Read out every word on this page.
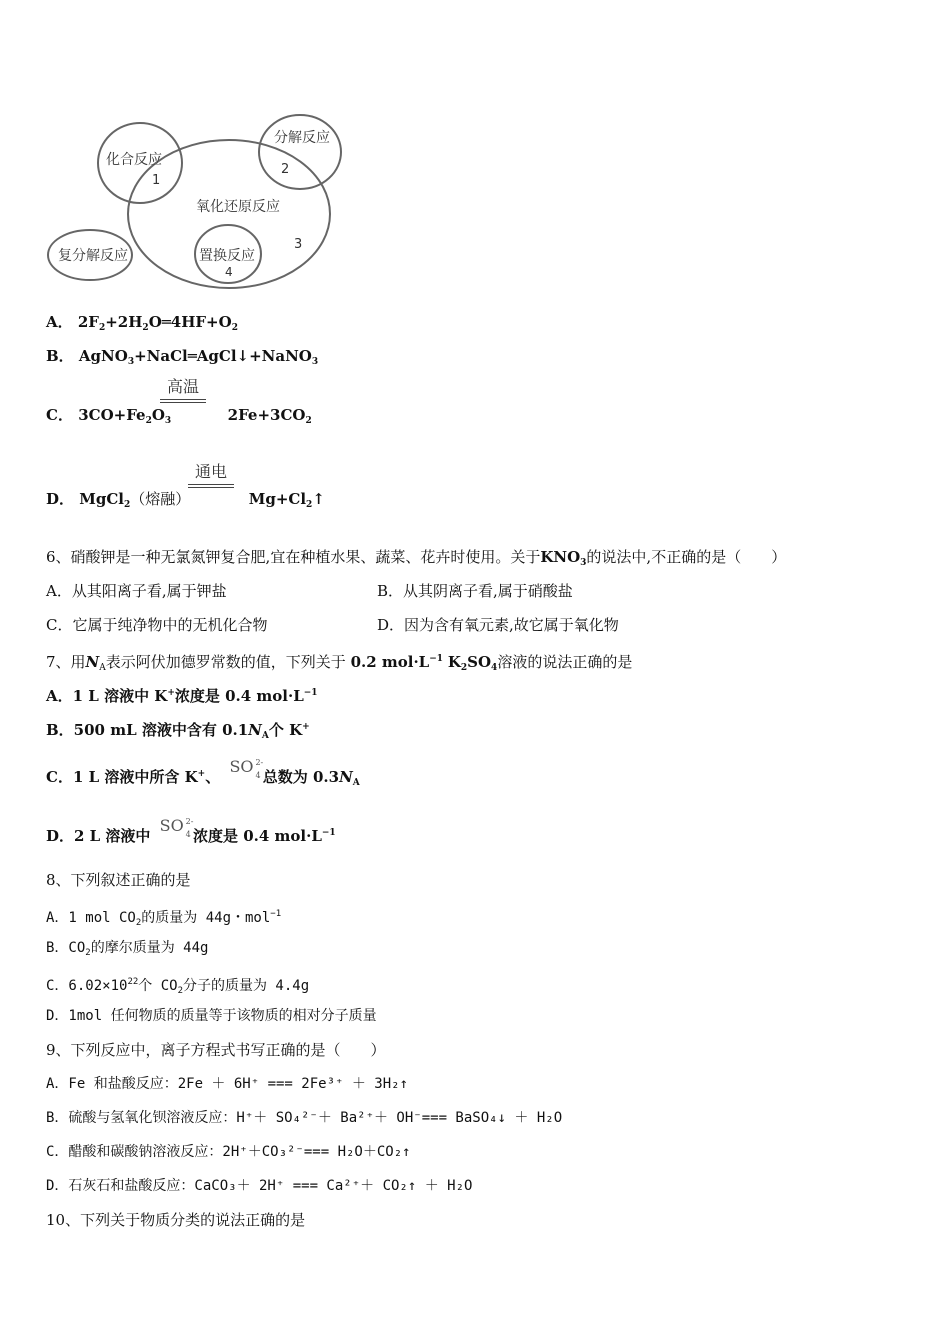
化合反应
1
分解反应
2
氧化还原反应
3
复分解反应	置换反应
4
A． $2F_2+2H_2O═4HF+O_2$
B． AgNO$_3$+NaCl═AgCl↓+NaNO$_3$
高温
C． $3CO+Fe_2O_3$	$2Fe+3CO_2$
通电
D． MgCl$_2$（熔融）	$Mg+Cl_2↑$
6、硝酸钾是一种无氯氮钾复合肥,宜在种植水果、蔬菜、花卉时使用。关于$KNO_3$的说法中,不正确的是（　　）
A．从其阳离子看,属于钾盐	B．从其阴离子看,属于硝酸盐
C．它属于纯净物中的无机化合物	D．因为含有氧元素,故它属于氧化物
7、用$N_A$表示阿伏加德罗常数的值，下列关于 0.2 $mol\cdot L^{-1}$ $K_2SO_4$溶液的说法正确的是
A．1 L 溶液中 K+浓度是 0.4 $mol\cdot L^{-1}$
B．500 mL 溶液中含有 $0.1N_A$个 K+
C．1 L 溶液中所含 K+、 SO 2-
4 总数为 $0.3N_A$
D．2 L 溶液中 SO 2-
4 浓度是 0.4 $mol\cdot L^{-1}$
8、下列叙述正确的是
A．1 mol $CO_2$的质量为 44g・mol$^{-1}$
B．$CO_2$的摩尔质量为 44g
C．$6.02\times 10^{22}$个 $CO_2$分子的质量为 4.4g
D．1mol 任何物质的质量等于该物质的相对分子质量
9、下列反应中，离子方程式书写正确的是（　　）
A．Fe 和盐酸反应：2Fe ＋ 6H⁺ === 2Fe³⁺ ＋ 3H₂↑
B．硫酸与氢氧化钡溶液反应：H⁺＋ SO₄²⁻＋ Ba²⁺＋ OH⁻=== BaSO₄↓ ＋ H₂O
C．醋酸和碳酸钠溶液反应：2H⁺＋CO₃²⁻=== H₂O＋CO₂↑
D．石灰石和盐酸反应：CaCO₃＋ 2H⁺ === Ca²⁺＋ CO₂↑ ＋ H₂O
10、下列关于物质分类的说法正确的是
